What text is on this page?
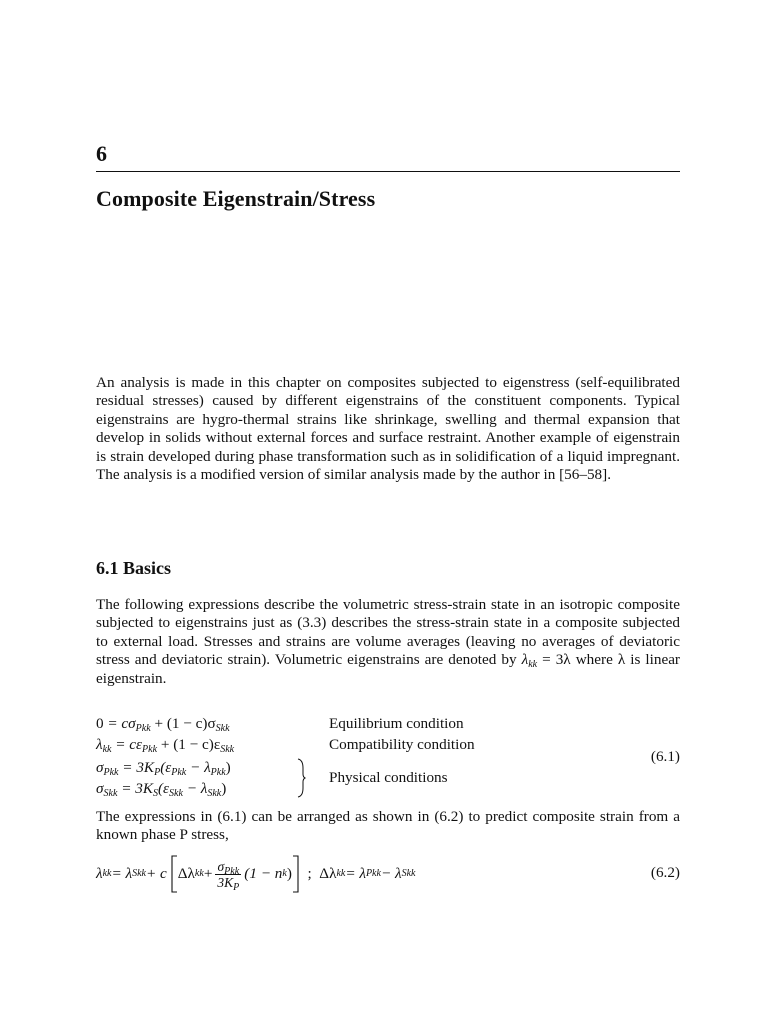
6
Composite Eigenstrain/Stress

An analysis is made in this chapter on composites subjected to eigenstress (self-equilibrated residual stresses) caused by different eigenstrains of the constituent components. Typical eigenstrains are hygro-thermal strains like shrinkage, swelling and thermal expansion that develop in solids without external forces and surface restraint. Another example of eigenstrain is strain developed during phase transformation such as in solidification of a liquid impregnant. The analysis is a modified version of similar analysis made by the author in [56–58].

6.1 Basics

The following expressions describe the volumetric stress-strain state in an isotropic composite subjected to eigenstrains just as (3.3) describes the stress-strain state in a composite subjected to external load. Stresses and strains are volume averages (leaving no averages of deviatoric stress and deviatoric strain). Volumetric eigenstrains are denoted by $\lambda_{kk} = 3\lambda$ where λ is linear eigenstrain.

$0 = c\sigma_{Pkk} + (1 - c)\sigma_{Skk}$
$\lambda_{kk} = c\varepsilon_{Pkk} + (1 - c)\varepsilon_{Skk}$
$\sigma_{Pkk} = 3K_P(\varepsilon_{Pkk} - \lambda_{Pkk})$
$\sigma_{Skk} = 3K_S(\varepsilon_{Skk} - \lambda_{Skk})$
Equilibrium condition
Compatibility condition
Physical conditions
(6.1)

The expressions in (6.1) can be arranged as shown in (6.2) to predict composite strain from a known phase P stress,

λ kk = λ Skk + c Δλ kk + $\frac{\sigma_{Pkk}}{3K_P} (1 - n$ k ) ; Δλ kk = λ Pkk − λ Skk	(6.2)
